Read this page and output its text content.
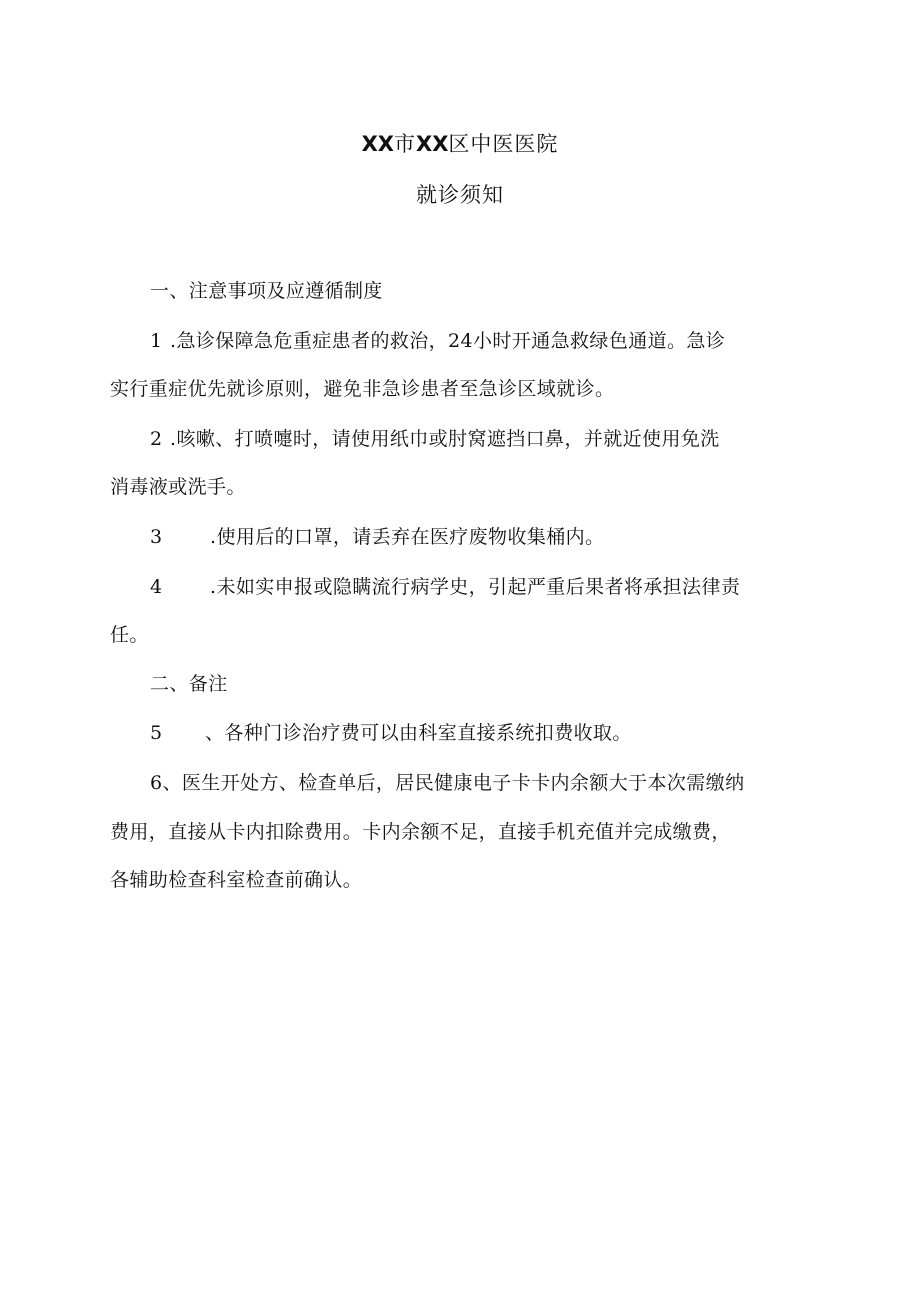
XX市XX区中医医院
就诊须知
一、注意事项及应遵循制度
1 .急诊保障急危重症患者的救治，24小时开通急救绿色通道。急诊
实行重症优先就诊原则，避免非急诊患者至急诊区域就诊。
2 .咳嗽、打喷嚏时，请使用纸巾或肘窝遮挡口鼻，并就近使用免洗
消毒液或洗手。
3	.使用后的口罩，请丢弃在医疗废物收集桶内。
4	.未如实申报或隐瞒流行病学史，引起严重后果者将承担法律责
任。
二、备注
5 、各种门诊治疗费可以由科室直接系统扣费收取。
6、医生开处方、检查单后，居民健康电子卡卡内余额大于本次需缴纳
费用，直接从卡内扣除费用。卡内余额不足，直接手机充值并完成缴费，
各辅助检查科室检查前确认。
